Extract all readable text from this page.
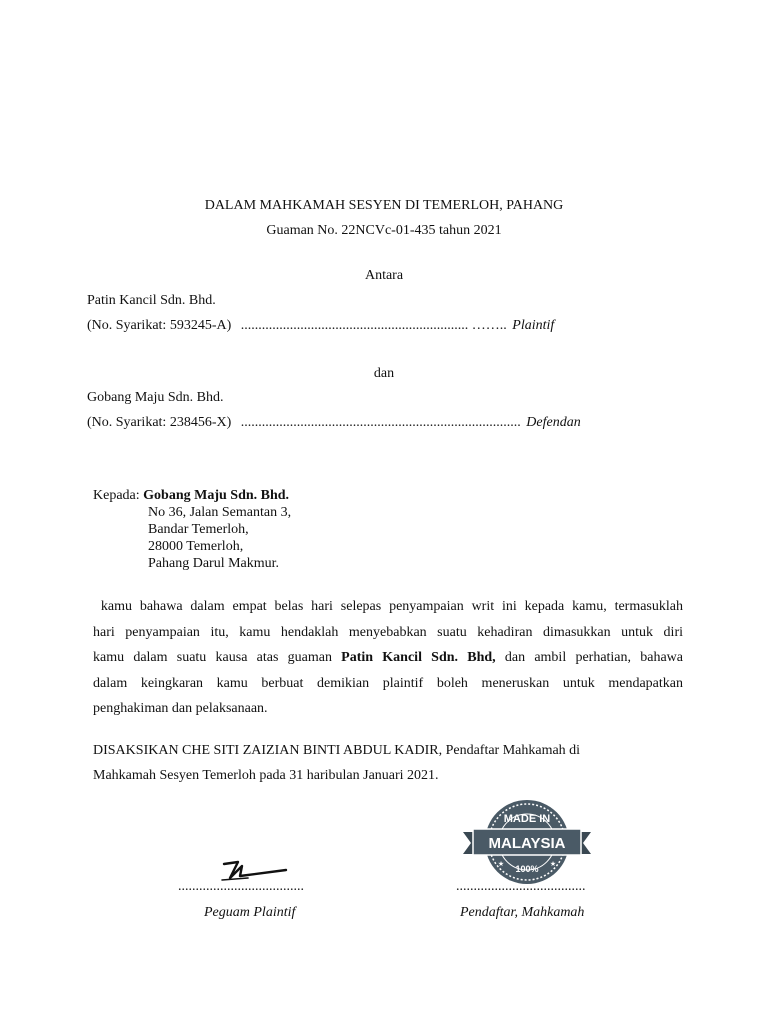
DALAM MAHKAMAH SESYEN DI TEMERLOH, PAHANG
Guaman No. 22NCVc-01-435 tahun 2021
Antara
Patin Kancil Sdn. Bhd.
(No. Syarikat: 593245-A) ................................................................. …….. Plaintif
dan
Gobang Maju Sdn. Bhd.
(No. Syarikat: 238456-X) ................................................................................ Defendan
Kepada: Gobang Maju Sdn. Bhd.
No 36, Jalan Semantan 3,
Bandar Temerloh,
28000 Temerloh,
Pahang Darul Makmur.
kamu bahawa dalam empat belas hari selepas penyampaian writ ini kepada kamu, termasuklah
hari penyampaian itu, kamu hendaklah menyebabkan suatu kehadiran dimasukkan untuk diri
kamu dalam suatu kausa atas guaman Patin Kancil Sdn. Bhd, dan ambil perhatian, bahawa
dalam keingkaran kamu berbuat demikian plaintif boleh meneruskan untuk mendapatkan
penghakiman dan pelaksanaan.
DISAKSIKAN CHE SITI ZAIZIAN BINTI ABDUL KADIR, Pendaftar Mahkamah di
Mahkamah Sesyen Temerloh pada 31 haribulan Januari 2021.
MADE IN
MALAYSIA
100%
★	★
....................................	.....................................
Peguam Plaintif	Pendaftar, Mahkamah
